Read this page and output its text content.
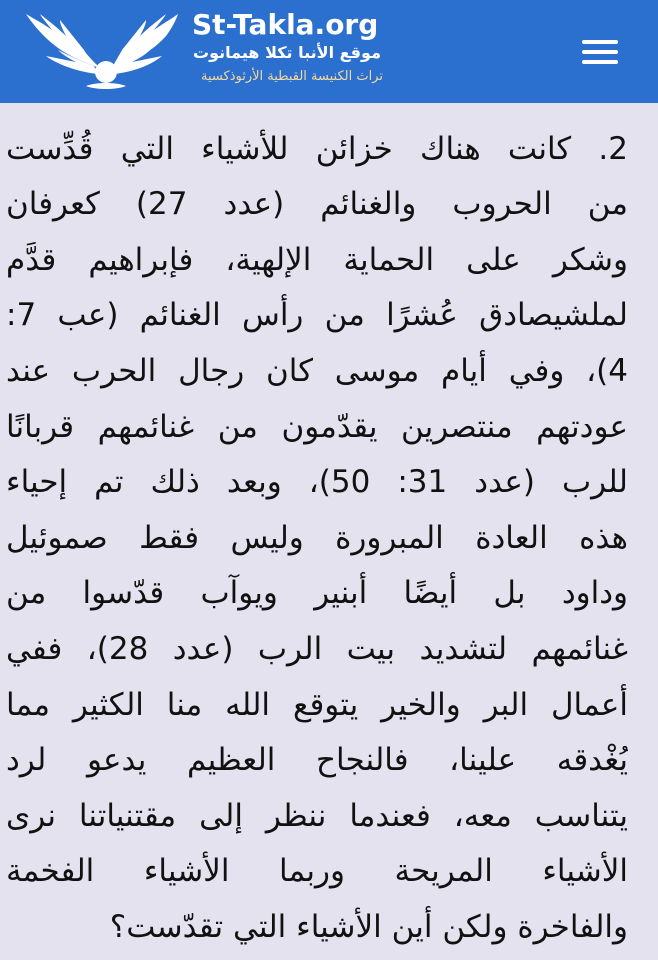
St-Takla.org
موقع الأنبا تكلا هيمانوت
تراث الكنيسة القبطية الأرثوذكسية
2. كانت هناك خزائن للأشياء التي قُدِّست
من الحروب والغنائم (عدد 27) كعرفان
وشكر على الحماية الإلهية، فإبراهيم قدَّم
لملشيصادق عُشرًا من رأس الغنائم (عب 7:
4)، وفي أيام موسى كان رجال الحرب عند
عودتهم منتصرين يقدّمون من غنائمهم قربانًا
للرب (عدد 31: 50)، وبعد ذلك تم إحياء
هذه العادة المبرورة وليس فقط صموئيل
وداود بل أيضًا أبنير ويوآب قدّسوا من
غنائمهم لتشديد بيت الرب (عدد 28)، ففي
أعمال البر والخير يتوقع الله منا الكثير مما
يُغْدقه علينا، فالنجاح العظيم يدعو لرد
يتناسب معه، فعندما ننظر إلى مقتنياتنا نرى
الأشياء المريحة وربما الأشياء الفخمة
والفاخرة ولكن أين الأشياء التي تقدّست؟
